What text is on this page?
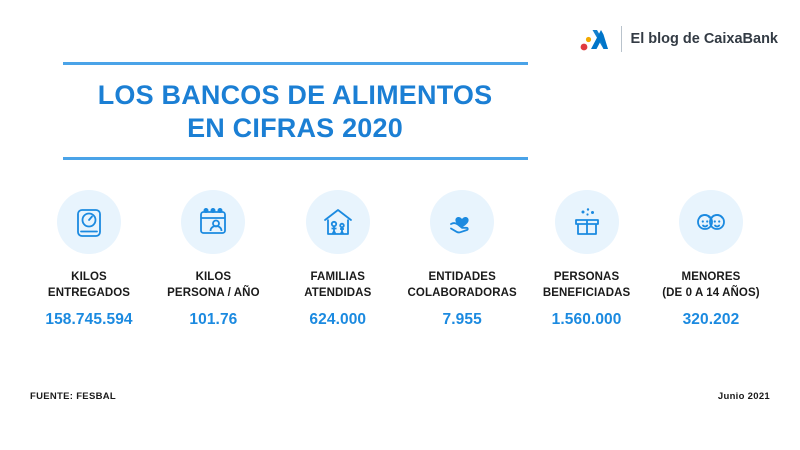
LOS BANCOS DE ALIMENTOS
EN CIFRAS 2020
El blog de CaixaBank
KILOS
ENTREGADOS
158.745.594
KILOS
PERSONA / AÑO
101.76
FAMILIAS
ATENDIDAS
624.000
ENTIDADES
COLABORADORAS
7.955
PERSONAS
BENEFICIADAS
1.560.000
MENORES
(DE 0 A 14 AÑOS)
320.202
FUENTE: FESBAL	Junio 2021
